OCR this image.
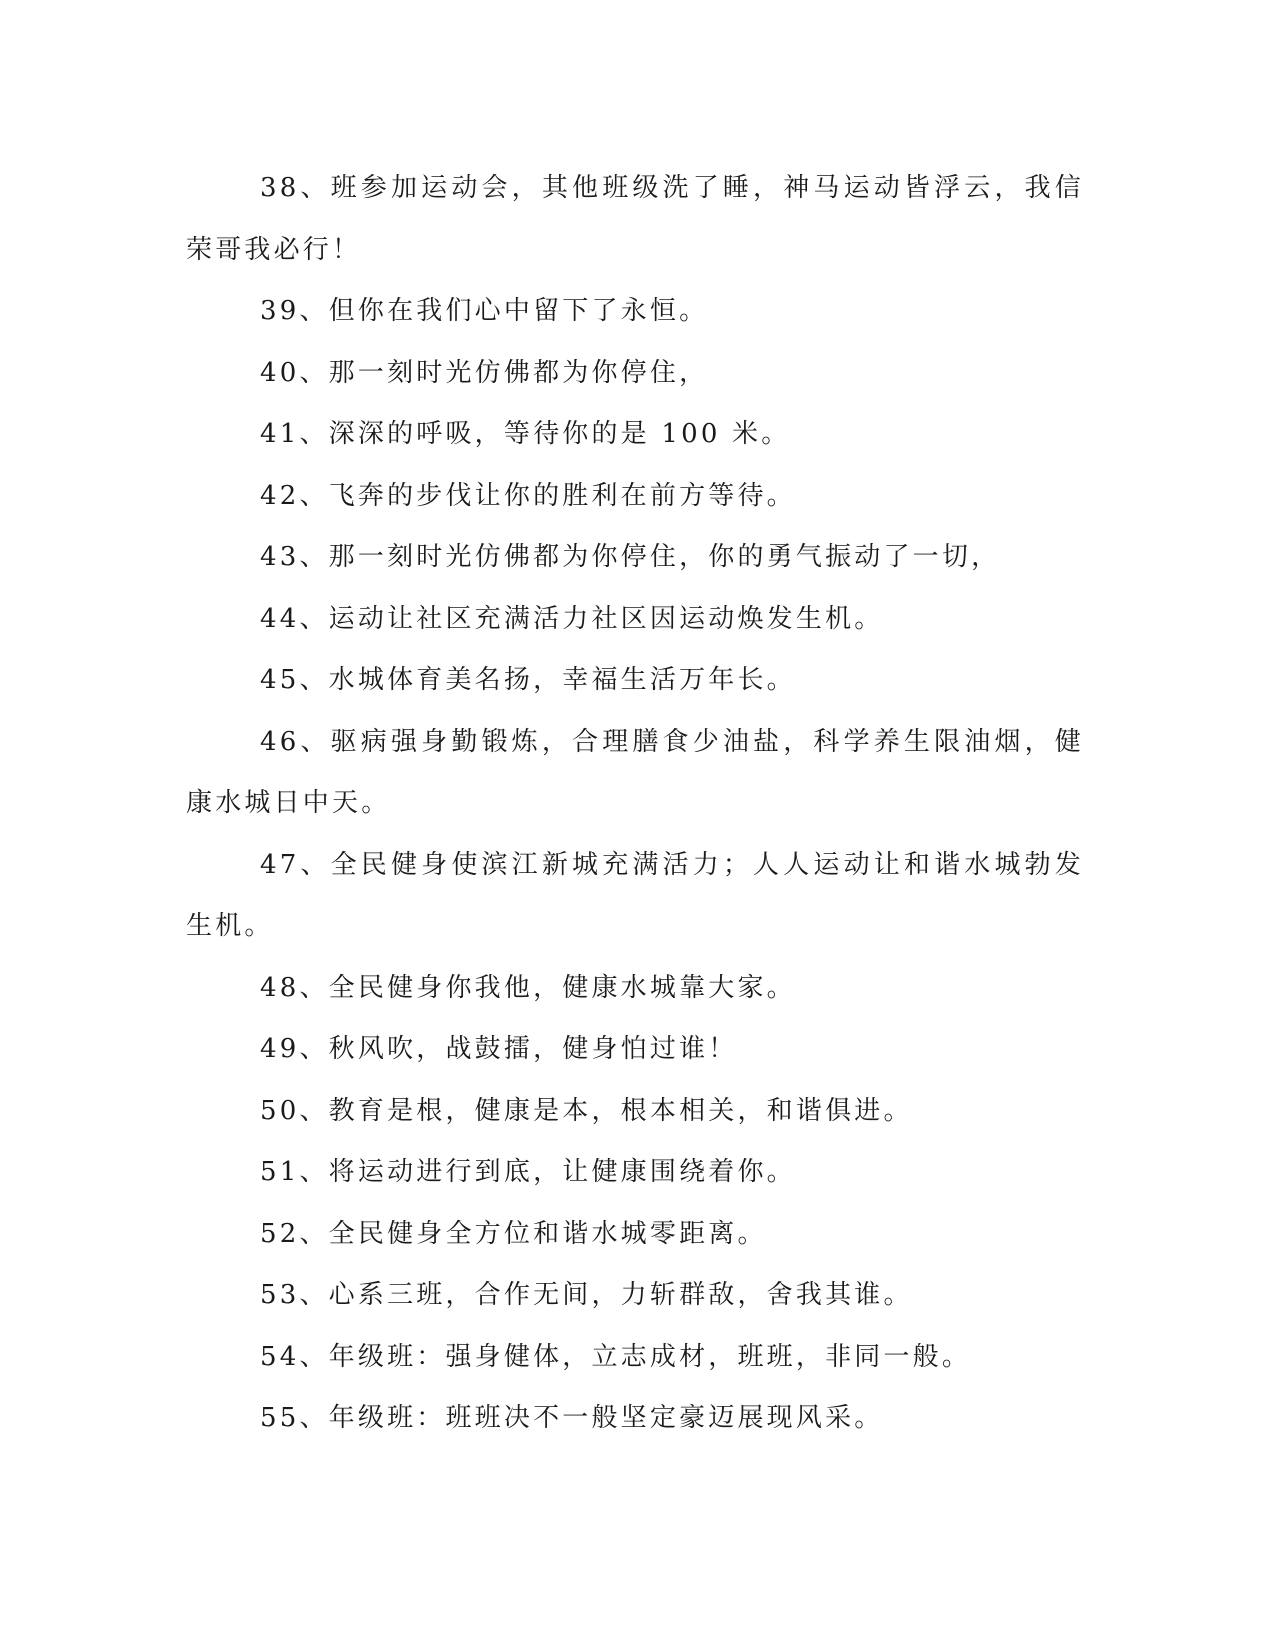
38、班参加运动会，其他班级洗了睡，神马运动皆浮云，我信荣哥我必行！

39、但你在我们心中留下了永恒。

40、那一刻时光仿佛都为你停住，

41、深深的呼吸，等待你的是 100 米。

42、飞奔的步伐让你的胜利在前方等待。

43、那一刻时光仿佛都为你停住，你的勇气振动了一切，

44、运动让社区充满活力社区因运动焕发生机。

45、水城体育美名扬，幸福生活万年长。

46、驱病强身勤锻炼，合理膳食少油盐，科学养生限油烟，健康水城日中天。

47、全民健身使滨江新城充满活力；人人运动让和谐水城勃发生机。

48、全民健身你我他，健康水城靠大家。

49、秋风吹，战鼓擂，健身怕过谁！

50、教育是根，健康是本，根本相关，和谐俱进。

51、将运动进行到底，让健康围绕着你。

52、全民健身全方位和谐水城零距离。

53、心系三班，合作无间，力斩群敌，舍我其谁。

54、年级班：强身健体，立志成材，班班，非同一般。

55、年级班：班班决不一般坚定豪迈展现风采。
